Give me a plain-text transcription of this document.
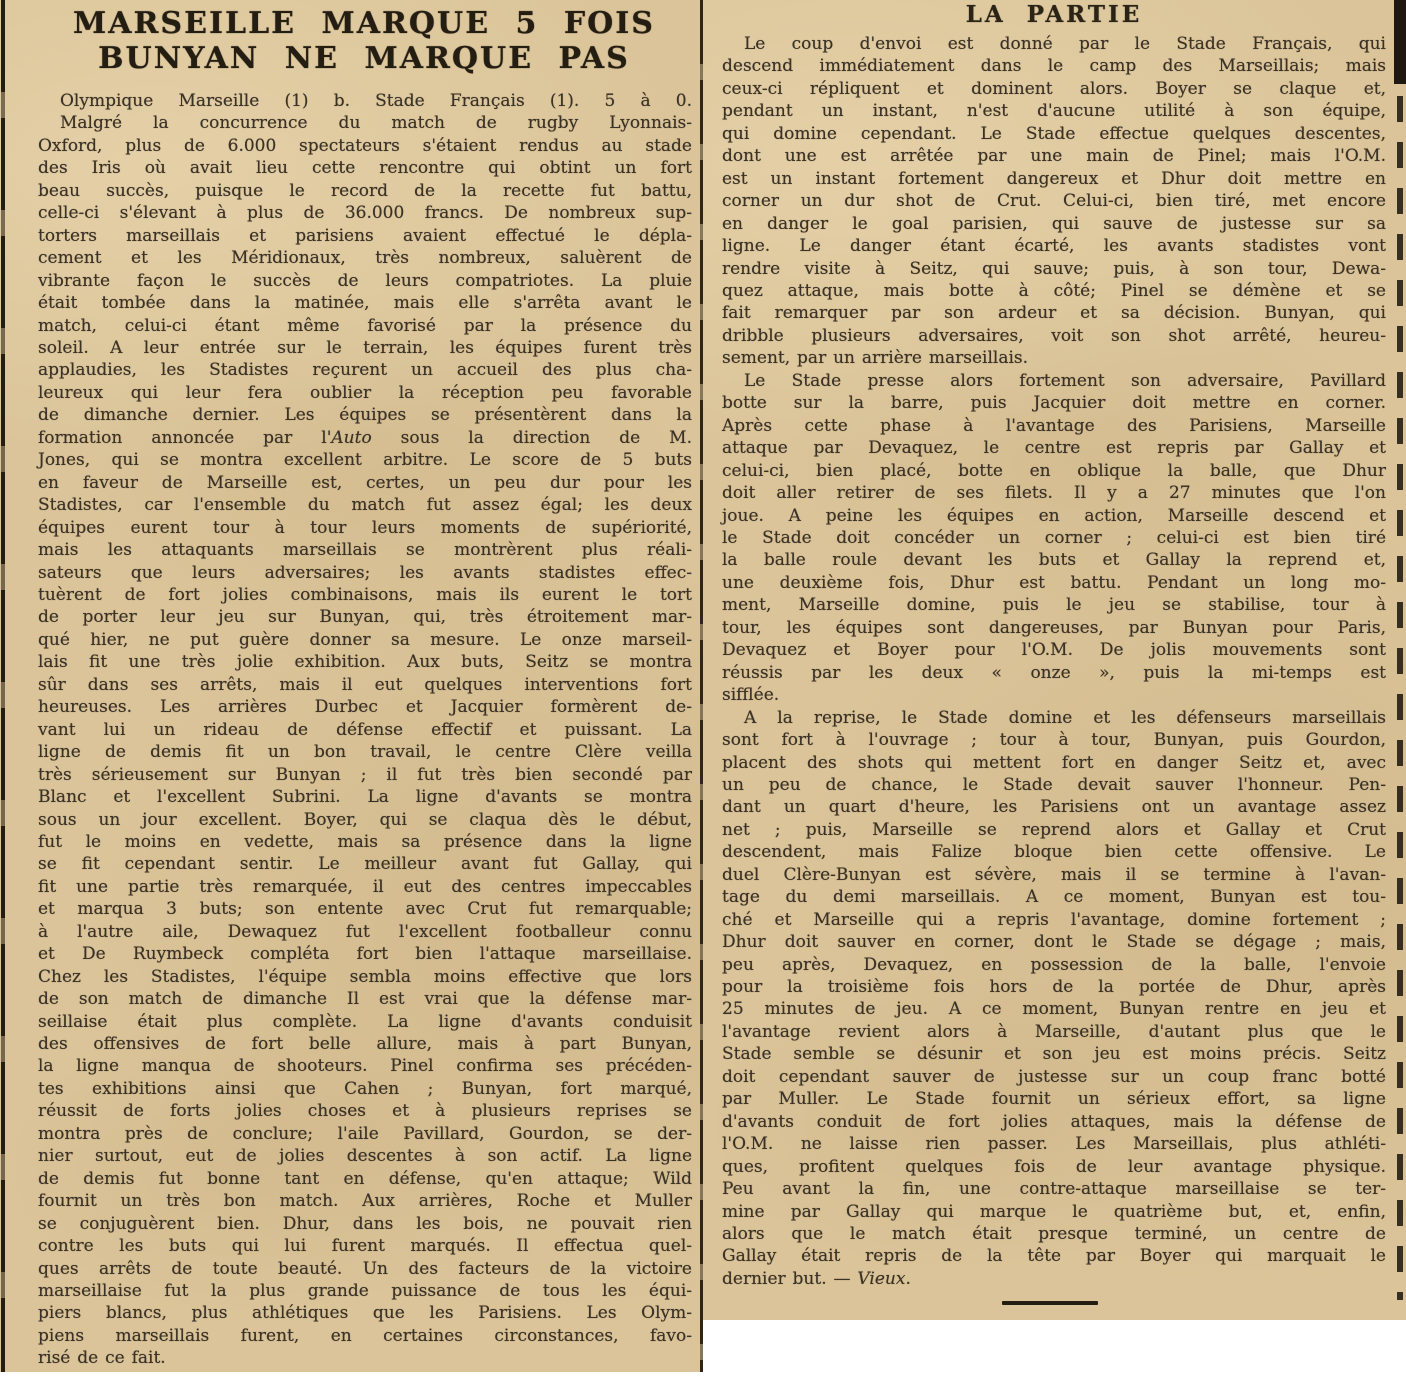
MARSEILLE MARQUE 5 FOIS
BUNYAN NE MARQUE PAS
LA PARTIE
Olympique Marseille (1) b. Stade Français (1). 5 à 0.
Malgré la concurrence du match de rugby Lyonnais-
Oxford, plus de 6.000 spectateurs s'étaient rendus au stade
des Iris où avait lieu cette rencontre qui obtint un fort
beau succès, puisque le record de la recette fut battu,
celle-ci s'élevant à plus de 36.000 francs. De nombreux sup-
torters marseillais et parisiens avaient effectué le dépla-
cement et les Méridionaux, très nombreux, saluèrent de
vibrante façon le succès de leurs compatriotes. La pluie
était tombée dans la matinée, mais elle s'arrêta avant le
match, celui-ci étant même favorisé par la présence du
soleil. A leur entrée sur le terrain, les équipes furent très
applaudies, les Stadistes reçurent un accueil des plus cha-
leureux qui leur fera oublier la réception peu favorable
de dimanche dernier. Les équipes se présentèrent dans la
formation annoncée par l'Auto sous la direction de M.
Jones, qui se montra excellent arbitre. Le score de 5 buts
en faveur de Marseille est, certes, un peu dur pour les
Stadistes, car l'ensemble du match fut assez égal; les deux
équipes eurent tour à tour leurs moments de supériorité,
mais les attaquants marseillais se montrèrent plus réali-
sateurs que leurs adversaires; les avants stadistes effec-
tuèrent de fort jolies combinaisons, mais ils eurent le tort
de porter leur jeu sur Bunyan, qui, très étroitement mar-
qué hier, ne put guère donner sa mesure. Le onze marseil-
lais fit une très jolie exhibition. Aux buts, Seitz se montra
sûr dans ses arrêts, mais il eut quelques interventions fort
heureuses. Les arrières Durbec et Jacquier formèrent de-
vant lui un rideau de défense effectif et puissant. La
ligne de demis fit un bon travail, le centre Clère veilla
très sérieusement sur Bunyan ; il fut très bien secondé par
Blanc et l'excellent Subrini. La ligne d'avants se montra
sous un jour excellent. Boyer, qui se claqua dès le début,
fut le moins en vedette, mais sa présence dans la ligne
se fit cependant sentir. Le meilleur avant fut Gallay, qui
fit une partie très remarquée, il eut des centres impeccables
et marqua 3 buts; son entente avec Crut fut remarquable;
à l'autre aile, Dewaquez fut l'excellent footballeur connu
et De Ruymbeck compléta fort bien l'attaque marseillaise.
Chez les Stadistes, l'équipe sembla moins effective que lors
de son match de dimanche Il est vrai que la défense mar-
seillaise était plus complète. La ligne d'avants conduisit
des offensives de fort belle allure, mais à part Bunyan,
la ligne manqua de shooteurs. Pinel confirma ses précéden-
tes exhibitions ainsi que Cahen ; Bunyan, fort marqué,
réussit de forts jolies choses et à plusieurs reprises se
montra près de conclure; l'aile Pavillard, Gourdon, se der-
nier surtout, eut de jolies descentes à son actif. La ligne
de demis fut bonne tant en défense, qu'en attaque; Wild
fournit un très bon match. Aux arrières, Roche et Muller
se conjuguèrent bien. Dhur, dans les bois, ne pouvait rien
contre les buts qui lui furent marqués. Il effectua quel-
ques arrêts de toute beauté. Un des facteurs de la victoire
marseillaise fut la plus grande puissance de tous les équi-
piers blancs, plus athlétiques que les Parisiens. Les Olym-
piens marseillais furent, en certaines circonstances, favo-
risé de ce fait.
Le coup d'envoi est donné par le Stade Français, qui
descend immédiatement dans le camp des Marseillais; mais
ceux-ci répliquent et dominent alors. Boyer se claque et,
pendant un instant, n'est d'aucune utilité à son équipe,
qui domine cependant. Le Stade effectue quelques descentes,
dont une est arrêtée par une main de Pinel; mais l'O.M.
est un instant fortement dangereux et Dhur doit mettre en
corner un dur shot de Crut. Celui-ci, bien tiré, met encore
en danger le goal parisien, qui sauve de justesse sur sa
ligne. Le danger étant écarté, les avants stadistes vont
rendre visite à Seitz, qui sauve; puis, à son tour, Dewa-
quez attaque, mais botte à côté; Pinel se démène et se
fait remarquer par son ardeur et sa décision. Bunyan, qui
dribble plusieurs adversaires, voit son shot arrêté, heureu-
sement, par un arrière marseillais.
Le Stade presse alors fortement son adversaire, Pavillard
botte sur la barre, puis Jacquier doit mettre en corner.
Après cette phase à l'avantage des Parisiens, Marseille
attaque par Devaquez, le centre est repris par Gallay et
celui-ci, bien placé, botte en oblique la balle, que Dhur
doit aller retirer de ses filets. Il y a 27 minutes que l'on
joue. A peine les équipes en action, Marseille descend et
le Stade doit concéder un corner ; celui-ci est bien tiré
la balle roule devant les buts et Gallay la reprend et,
une deuxième fois, Dhur est battu. Pendant un long mo-
ment, Marseille domine, puis le jeu se stabilise, tour à
tour, les équipes sont dangereuses, par Bunyan pour Paris,
Devaquez et Boyer pour l'O.M. De jolis mouvements sont
réussis par les deux « onze », puis la mi-temps est
sifflée.
A la reprise, le Stade domine et les défenseurs marseillais
sont fort à l'ouvrage ; tour à tour, Bunyan, puis Gourdon,
placent des shots qui mettent fort en danger Seitz et, avec
un peu de chance, le Stade devait sauver l'honneur. Pen-
dant un quart d'heure, les Parisiens ont un avantage assez
net ; puis, Marseille se reprend alors et Gallay et Crut
descendent, mais Falize bloque bien cette offensive. Le
duel Clère-Bunyan est sévère, mais il se termine à l'avan-
tage du demi marseillais. A ce moment, Bunyan est tou-
ché et Marseille qui a repris l'avantage, domine fortement ;
Dhur doit sauver en corner, dont le Stade se dégage ; mais,
peu après, Devaquez, en possession de la balle, l'envoie
pour la troisième fois hors de la portée de Dhur, après
25 minutes de jeu. A ce moment, Bunyan rentre en jeu et
l'avantage revient alors à Marseille, d'autant plus que le
Stade semble se désunir et son jeu est moins précis. Seitz
doit cependant sauver de justesse sur un coup franc botté
par Muller. Le Stade fournit un sérieux effort, sa ligne
d'avants conduit de fort jolies attaques, mais la défense de
l'O.M. ne laisse rien passer. Les Marseillais, plus athléti-
ques, profitent quelques fois de leur avantage physique.
Peu avant la fin, une contre-attaque marseillaise se ter-
mine par Gallay qui marque le quatrième but, et, enfin,
alors que le match était presque terminé, un centre de
Gallay était repris de la tête par Boyer qui marquait le
dernier but. — Vieux.
